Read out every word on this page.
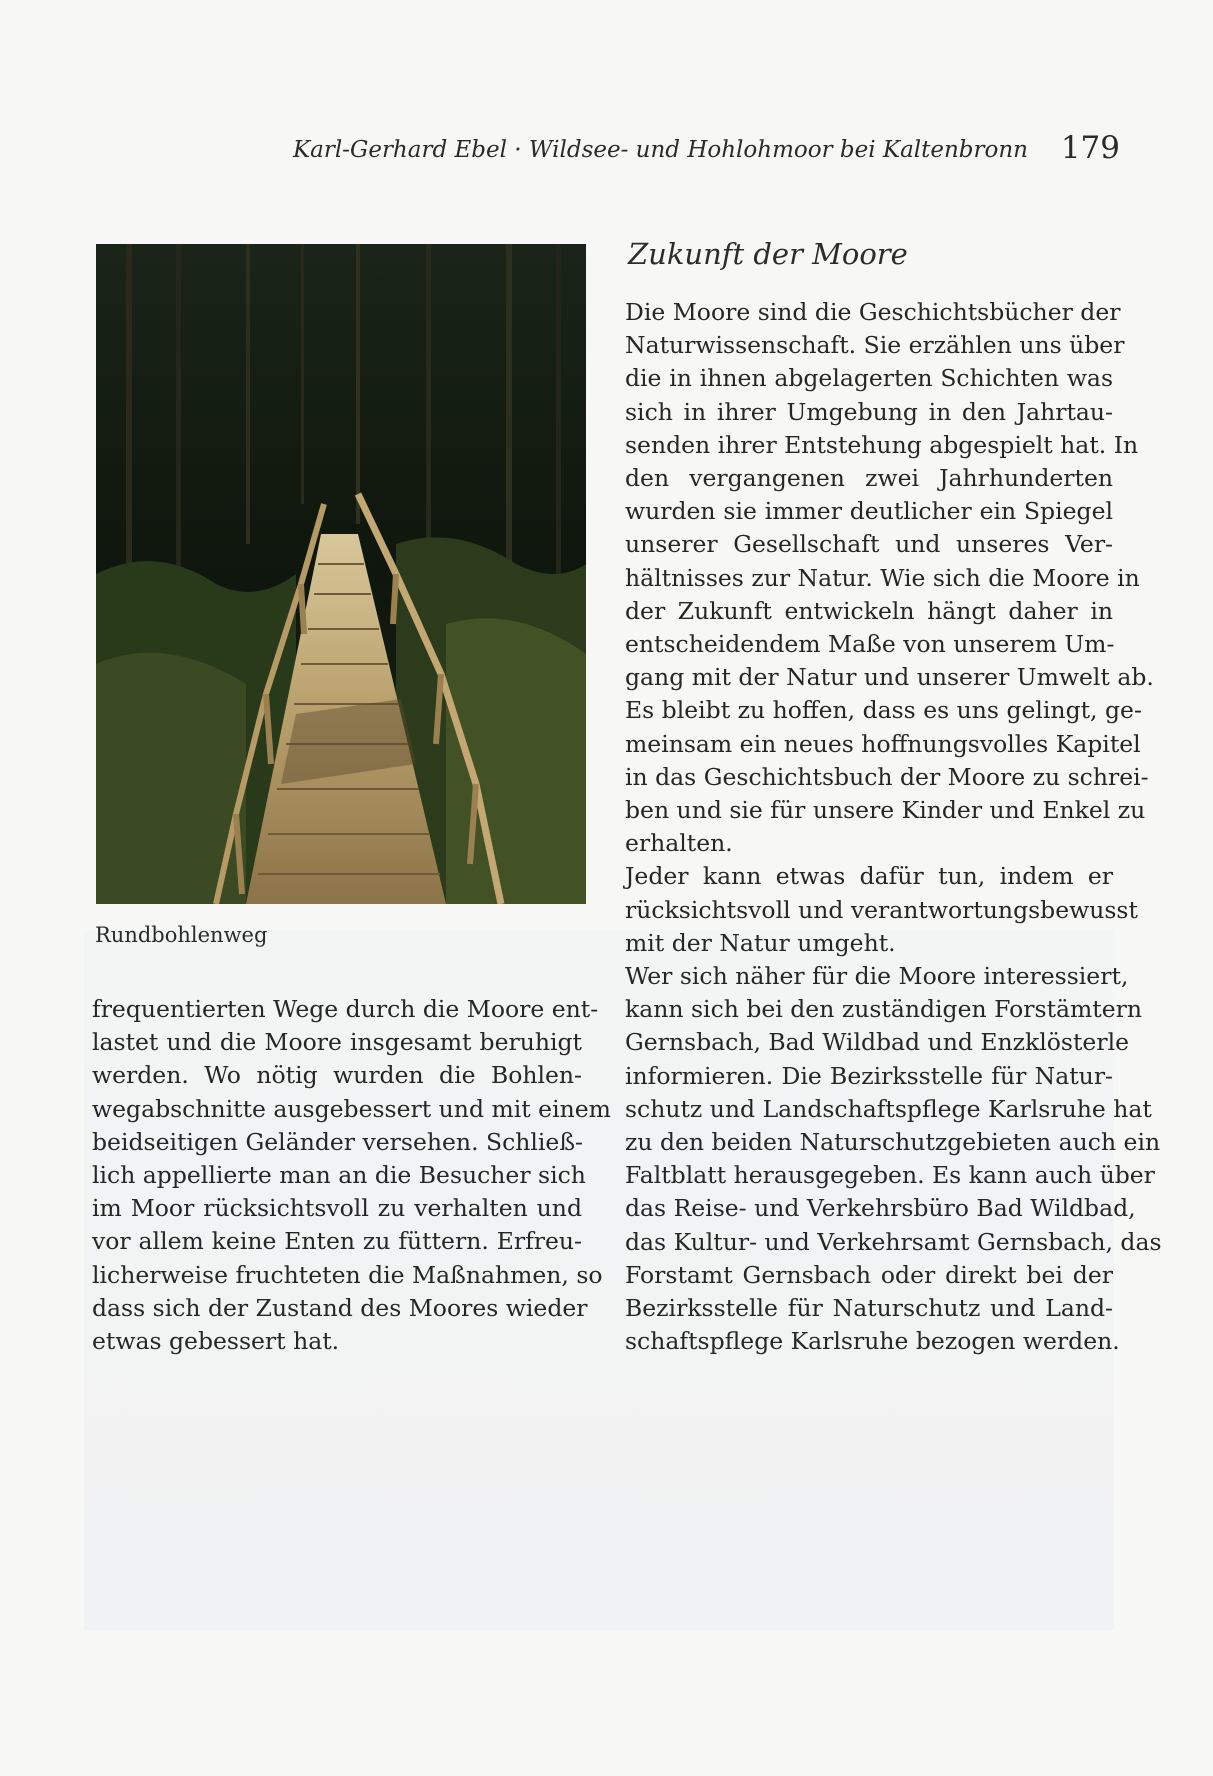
Karl-Gerhard Ebel · Wildsee- und Hohlohmoor bei Kaltenbronn 179
Rundbohlenweg
frequentierten Wege durch die Moore ent-
lastet und die Moore insgesamt beruhigt
werden. Wo nötig wurden die Bohlen-
wegabschnitte ausgebessert und mit einem
beidseitigen Geländer versehen. Schließ-
lich appellierte man an die Besucher sich
im Moor rücksichtsvoll zu verhalten und
vor allem keine Enten zu füttern. Erfreu-
licherweise fruchteten die Maßnahmen, so
dass sich der Zustand des Moores wieder
etwas gebessert hat.
Zukunft der Moore
Die Moore sind die Geschichtsbücher der
Naturwissenschaft. Sie erzählen uns über
die in ihnen abgelagerten Schichten was
sich in ihrer Umgebung in den Jahrtau-
senden ihrer Entstehung abgespielt hat. In
den vergangenen zwei Jahrhunderten
wurden sie immer deutlicher ein Spiegel
unserer Gesellschaft und unseres Ver-
hältnisses zur Natur. Wie sich die Moore in
der Zukunft entwickeln hängt daher in
entscheidendem Maße von unserem Um-
gang mit der Natur und unserer Umwelt ab.
Es bleibt zu hoffen, dass es uns gelingt, ge-
meinsam ein neues hoffnungsvolles Kapitel
in das Geschichtsbuch der Moore zu schrei-
ben und sie für unsere Kinder und Enkel zu
erhalten.
Jeder kann etwas dafür tun, indem er
rücksichtsvoll und verantwortungsbewusst
mit der Natur umgeht.
Wer sich näher für die Moore interessiert,
kann sich bei den zuständigen Forstämtern
Gernsbach, Bad Wildbad und Enzklösterle
informieren. Die Bezirksstelle für Natur-
schutz und Landschaftspflege Karlsruhe hat
zu den beiden Naturschutzgebieten auch ein
Faltblatt herausgegeben. Es kann auch über
das Reise- und Verkehrsbüro Bad Wildbad,
das Kultur- und Verkehrsamt Gernsbach, das
Forstamt Gernsbach oder direkt bei der
Bezirksstelle für Naturschutz und Land-
schaftspflege Karlsruhe bezogen werden.
